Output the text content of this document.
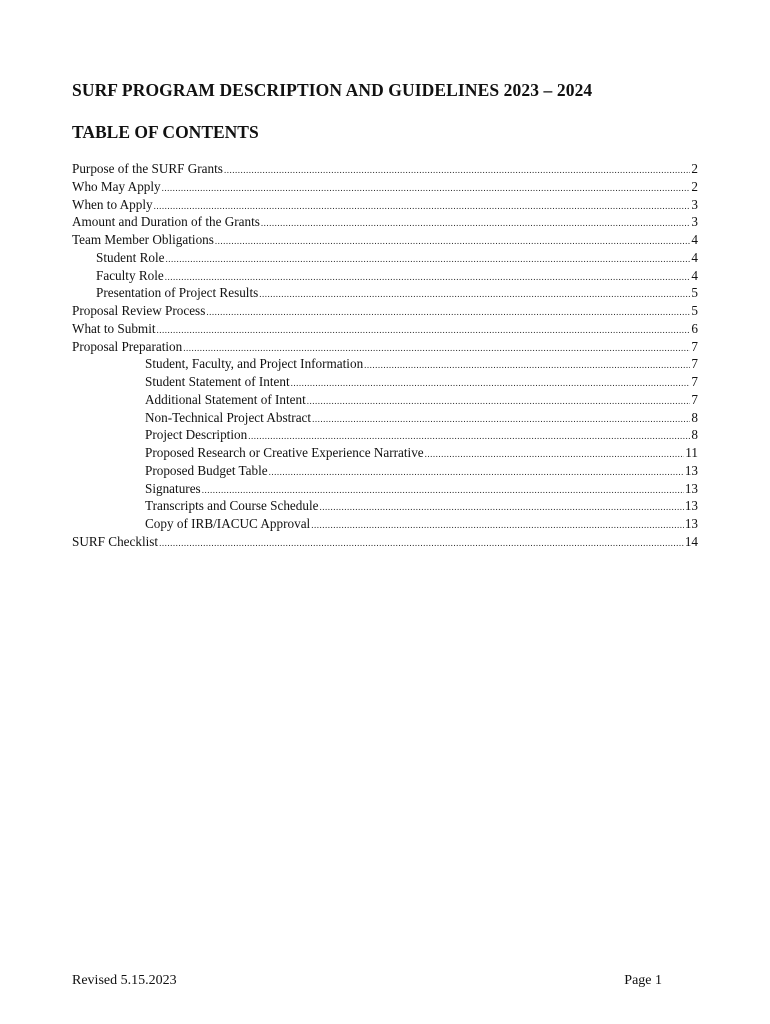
SURF PROGRAM DESCRIPTION AND GUIDELINES 2023 – 2024
TABLE OF CONTENTS
Purpose of the SURF Grants .....	2
Who May Apply .....	2
When to Apply .....	3
Amount and Duration of the Grants .....	3
Team Member Obligations .....	4
Student Role .....	4
Faculty Role .....	4
Presentation of Project Results .....	5
Proposal Review Process .....	5
What to Submit .....	6
Proposal Preparation .....	7
Student, Faculty, and Project Information .....	7
Student Statement of Intent .....	7
Additional Statement of Intent .....	7
Non-Technical Project Abstract .....	8
Project Description .....	8
Proposed Research or Creative Experience Narrative .....	11
Proposed Budget Table .....	13
Signatures .....	13
Transcripts and Course Schedule .....	13
Copy of IRB/IACUC Approval .....	13
SURF Checklist .....	14
Revised 5.15.2023	Page 1
